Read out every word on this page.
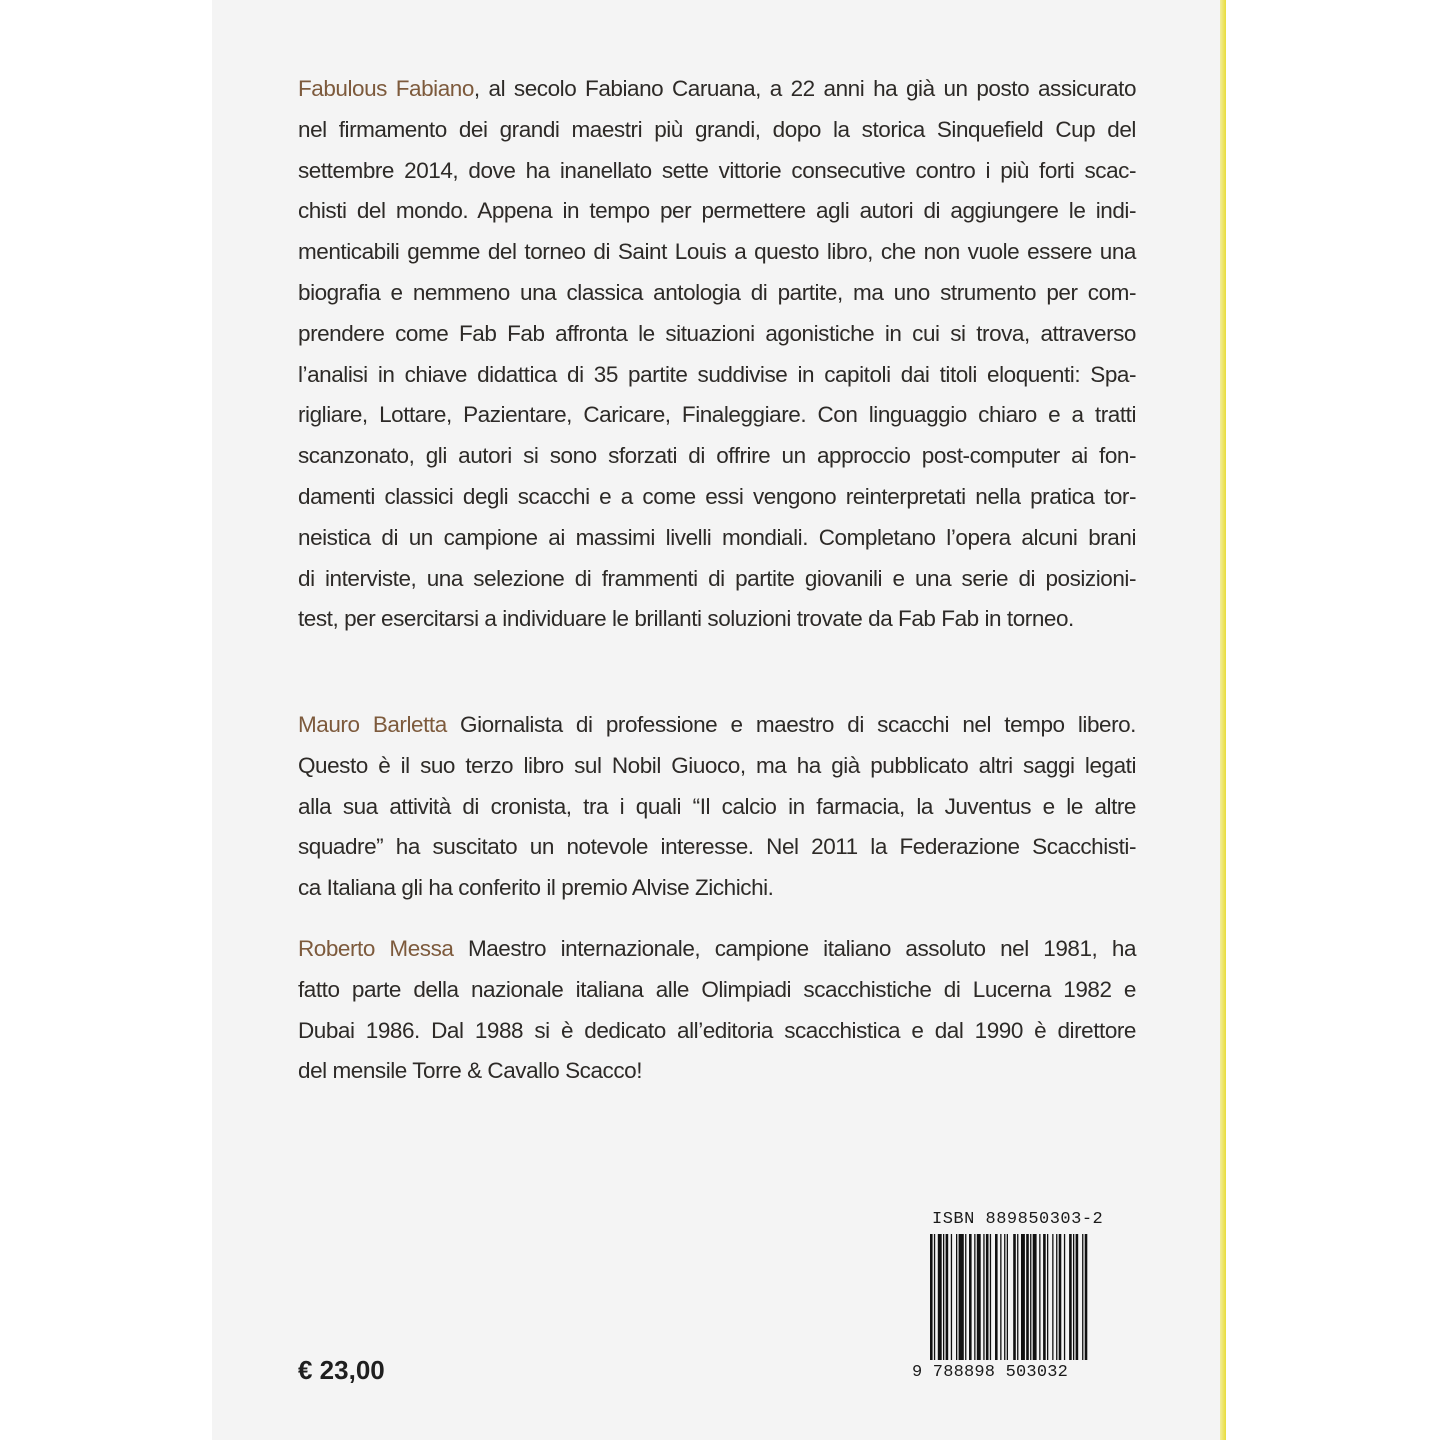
Fabulous Fabiano, al secolo Fabiano Caruana, a 22 anni ha già un posto assicurato
nel firmamento dei grandi maestri più grandi, dopo la storica Sinquefield Cup del
settembre 2014, dove ha inanellato sette vittorie consecutive contro i più forti scac-
chisti del mondo. Appena in tempo per permettere agli autori di aggiungere le indi-
menticabili gemme del torneo di Saint Louis a questo libro, che non vuole essere una
biografia e nemmeno una classica antologia di partite, ma uno strumento per com-
prendere come Fab Fab affronta le situazioni agonistiche in cui si trova, attraverso
l’analisi in chiave didattica di 35 partite suddivise in capitoli dai titoli eloquenti: Spa-
rigliare, Lottare, Pazientare, Caricare, Finaleggiare. Con linguaggio chiaro e a tratti
scanzonato, gli autori si sono sforzati di offrire un approccio post-computer ai fon-
damenti classici degli scacchi e a come essi vengono reinterpretati nella pratica tor-
neistica di un campione ai massimi livelli mondiali. Completano l’opera alcuni brani
di interviste, una selezione di frammenti di partite giovanili e una serie di posizioni-
test, per esercitarsi a individuare le brillanti soluzioni trovate da Fab Fab in torneo.
Mauro Barletta Giornalista di professione e maestro di scacchi nel tempo libero.
Questo è il suo terzo libro sul Nobil Giuoco, ma ha già pubblicato altri saggi legati
alla sua attività di cronista, tra i quali “Il calcio in farmacia, la Juventus e le altre
squadre” ha suscitato un notevole interesse. Nel 2011 la Federazione Scacchisti-
ca Italiana gli ha conferito il premio Alvise Zichichi.
Roberto Messa Maestro internazionale, campione italiano assoluto nel 1981, ha
fatto parte della nazionale italiana alle Olimpiadi scacchistiche di Lucerna 1982 e
Dubai 1986. Dal 1988 si è dedicato all’editoria scacchistica e dal 1990 è direttore
del mensile Torre & Cavallo Scacco!
ISBN 889850303-2
9 788898 503032
€ 23,00
